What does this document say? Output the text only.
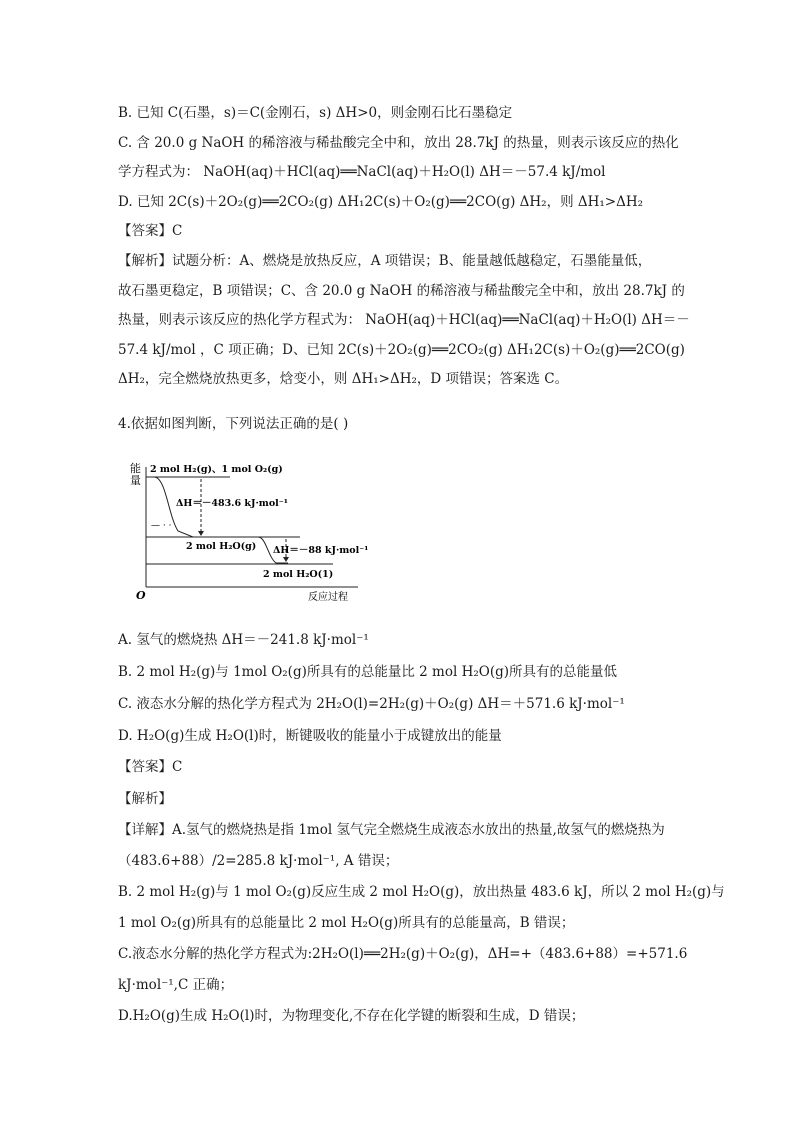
B. 已知 C(石墨，s)＝C(金刚石，s) ΔH>0，则金刚石比石墨稳定
C. 含 20.0 g NaOH 的稀溶液与稀盐酸完全中和，放出 28.7kJ 的热量，则表示该反应的热化
学方程式为： NaOH(aq)＋HCl(aq)══NaCl(aq)＋H₂O(l) ΔH＝－57.4 kJ/mol
D. 已知 2C(s)＋2O₂(g)══2CO₂(g) ΔH₁2C(s)＋O₂(g)══2CO(g) ΔH₂，则 ΔH₁>ΔH₂
【答案】C
【解析】试题分析：A、燃烧是放热反应，A 项错误；B、能量越低越稳定，石墨能量低，
故石墨更稳定，B 项错误；C、含 20.0 g NaOH 的稀溶液与稀盐酸完全中和，放出 28.7kJ 的
热量，则表示该反应的热化学方程式为： NaOH(aq)＋HCl(aq)══NaCl(aq)＋H₂O(l) ΔH＝－
57.4 kJ/mol ，C 项正确；D、已知 2C(s)＋2O₂(g)══2CO₂(g) ΔH₁2C(s)＋O₂(g)══2CO(g)
ΔH₂，完全燃烧放热更多，焓变小，则 ΔH₁>ΔH₂，D 项错误；答案选 C。
4.依据如图判断，下列说法正确的是( )
能
量
O	反应过程
2 mol H₂(g)、1 mol O₂(g)
— · ·
ΔH＝－483.6 kJ·mol⁻¹
2 mol H₂O(g) ΔH＝－88 kJ·mol⁻¹
2 mol H₂O(1)
A. 氢气的燃烧热 ΔH＝－241.8 kJ·mol⁻¹
B. 2 mol H₂(g)与 1mol O₂(g)所具有的总能量比 2 mol H₂O(g)所具有的总能量低
C. 液态水分解的热化学方程式为 2H₂O(l)=2H₂(g)＋O₂(g) ΔH＝＋571.6 kJ·mol⁻¹
D. H₂O(g)生成 H₂O(l)时，断键吸收的能量小于成键放出的能量
【答案】C
【解析】
【详解】A.氢气的燃烧热是指 1mol 氢气完全燃烧生成液态水放出的热量,故氢气的燃烧热为
（483.6+88）/2=285.8 kJ·mol⁻¹, A 错误；
B. 2 mol H₂(g)与 1 mol O₂(g)反应生成 2 mol H₂O(g)，放出热量 483.6 kJ，所以 2 mol H₂(g)与
1 mol O₂(g)所具有的总能量比 2 mol H₂O(g)所具有的总能量高，B 错误；
C.液态水分解的热化学方程式为:2H₂O(l)══2H₂(g)＋O₂(g)，ΔH=+（483.6+88）=+571.6
kJ·mol⁻¹,C 正确；
D.H₂O(g)生成 H₂O(l)时，为物理变化,不存在化学键的断裂和生成，D 错误；
